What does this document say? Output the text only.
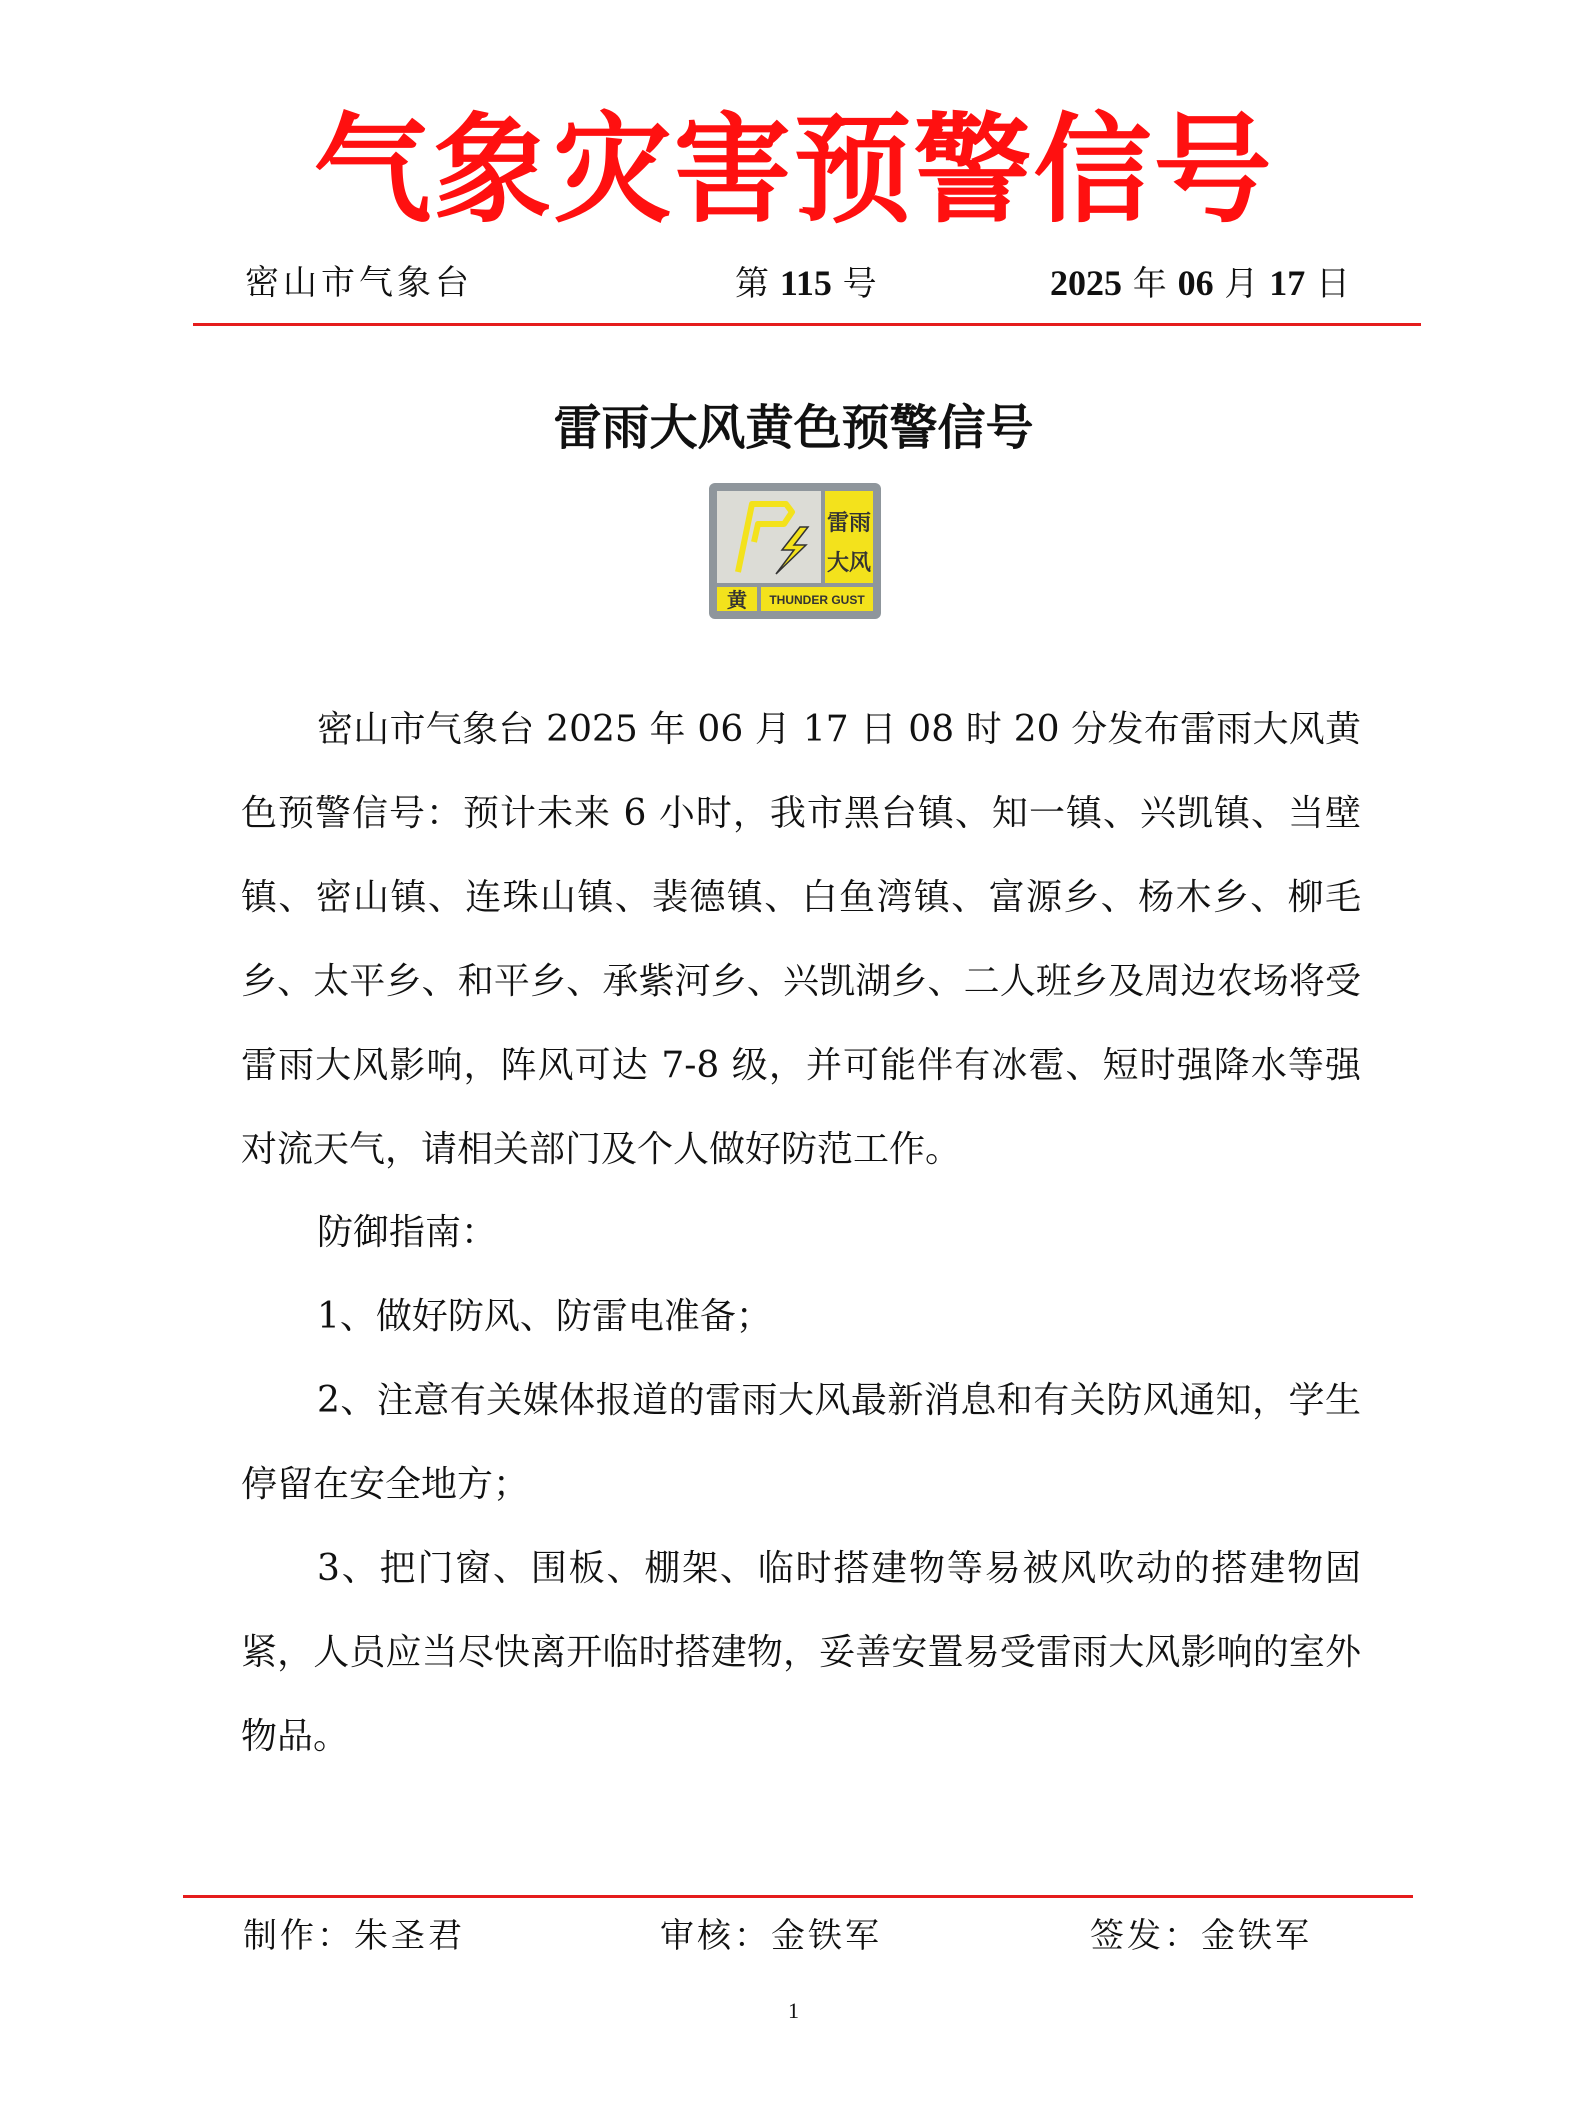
气象灾害预警信号
密山市气象台	第 115 号	2025 年 06 月 17 日
雷雨大风黄色预警信号
雷雨
大风
黄 THUNDER GUST
密山市气象台 2025 年 06 月 17 日 08 时 20 分发布雷雨大风黄色预警信号：预计未来 6 小时，我市黑台镇、知一镇、兴凯镇、当壁镇、密山镇、连珠山镇、裴德镇、白鱼湾镇、富源乡、杨木乡、柳毛乡、太平乡、和平乡、承紫河乡、兴凯湖乡、二人班乡及周边农场将受雷雨大风影响，阵风可达 7-8 级，并可能伴有冰雹、短时强降水等强对流天气，请相关部门及个人做好防范工作。
防御指南：
1、做好防风、防雷电准备；
2、注意有关媒体报道的雷雨大风最新消息和有关防风通知，学生停留在安全地方；
3、把门窗、围板、棚架、临时搭建物等易被风吹动的搭建物固紧，人员应当尽快离开临时搭建物，妥善安置易受雷雨大风影响的室外物品。
制作：朱圣君	审核：金铁军	签发：金铁军
1
